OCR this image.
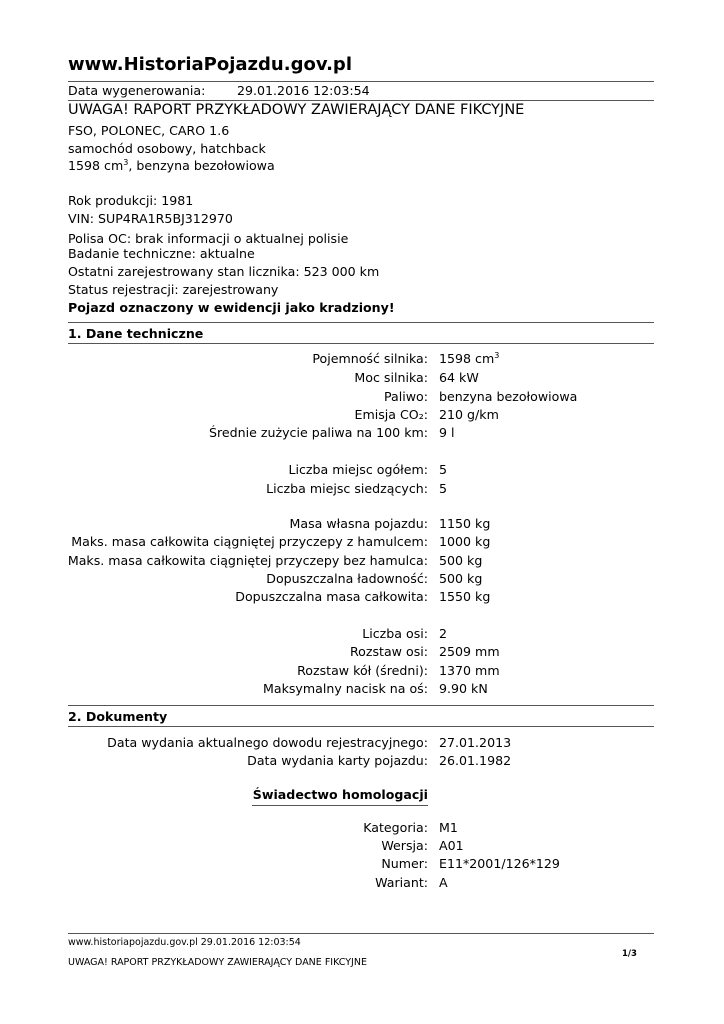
www.HistoriaPojazdu.gov.pl
Data wygenerowania:	29.01.2016 12:03:54
UWAGA! RAPORT PRZYKŁADOWY ZAWIERAJĄCY DANE FIKCYJNE
FSO, POLONEC, CARO 1.6
samochód osobowy, hatchback
1598 $cm^3$, benzyna bezołowiowa
Rok produkcji: 1981
VIN: SUP4RA1R5BJ312970
Polisa OC: brak informacji o aktualnej polisie
Badanie techniczne: aktualne
Ostatni zarejestrowany stan licznika: 523 000 km
Status rejestracji: zarejestrowany
Pojazd oznaczony w ewidencji jako kradziony!
1. Dane techniczne
Pojemność silnika: 1598 $cm^3$
Moc silnika: 64 kW
Paliwo: benzyna bezołowiowa
Emisja CO₂: 210 g/km
Średnie zużycie paliwa na 100 km: 9 l
Liczba miejsc ogółem: 5
Liczba miejsc siedzących: 5
Masa własna pojazdu: 1150 kg
Maks. masa całkowita ciągniętej przyczepy z hamulcem: 1000 kg
Maks. masa całkowita ciągniętej przyczepy bez hamulca: 500 kg
Dopuszczalna ładowność: 500 kg
Dopuszczalna masa całkowita: 1550 kg
Liczba osi: 2
Rozstaw osi: 2509 mm
Rozstaw kół (średni): 1370 mm
Maksymalny nacisk na oś: 9.90 kN
2. Dokumenty
Data wydania aktualnego dowodu rejestracyjnego: 27.01.2013
Data wydania karty pojazdu: 26.01.1982
Świadectwo homologacji
Kategoria: M1
Wersja: A01
Numer: E11*2001/126*129
Wariant: A
www.historiapojazdu.gov.pl 29.01.2016 12:03:54
UWAGA! RAPORT PRZYKŁADOWY ZAWIERAJĄCY DANE FIKCYJNE
1/3
